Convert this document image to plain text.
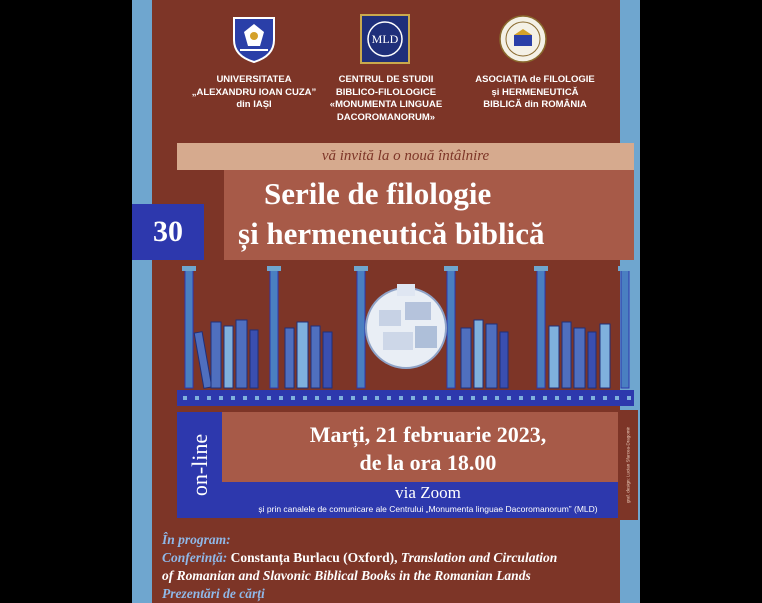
MLD
UNIVERSITATEA
„ALEXANDRU IOAN CUZA”
din IAȘI
CENTRUL DE STUDII
BIBLICO-FILOLOGICE
«MONUMENTA LINGUAE
DACOROMANORUM»
ASOCIAȚIA de FILOLOGIE
și HERMENEUTICĂ
BIBLICĂ din ROMÂNIA
vă invită la o nouă întâlnire
Serile de filologie
și hermeneutică biblică
Marți, 21 februarie 2023,
de la ora 18.00
on-line	via Zoom
și prin canalele de comunicare ale Centrului „Monumenta linguae Dacoromanorum” (MLD)
În program:
Conferință: Constanța Burlacu (Oxford), Translation and Circulation
of Romanian and Slavonic Biblical Books in the Romanian Lands
Prezentări de cărți
30
graf. design: Lucian Sfarcea-Dragomir
